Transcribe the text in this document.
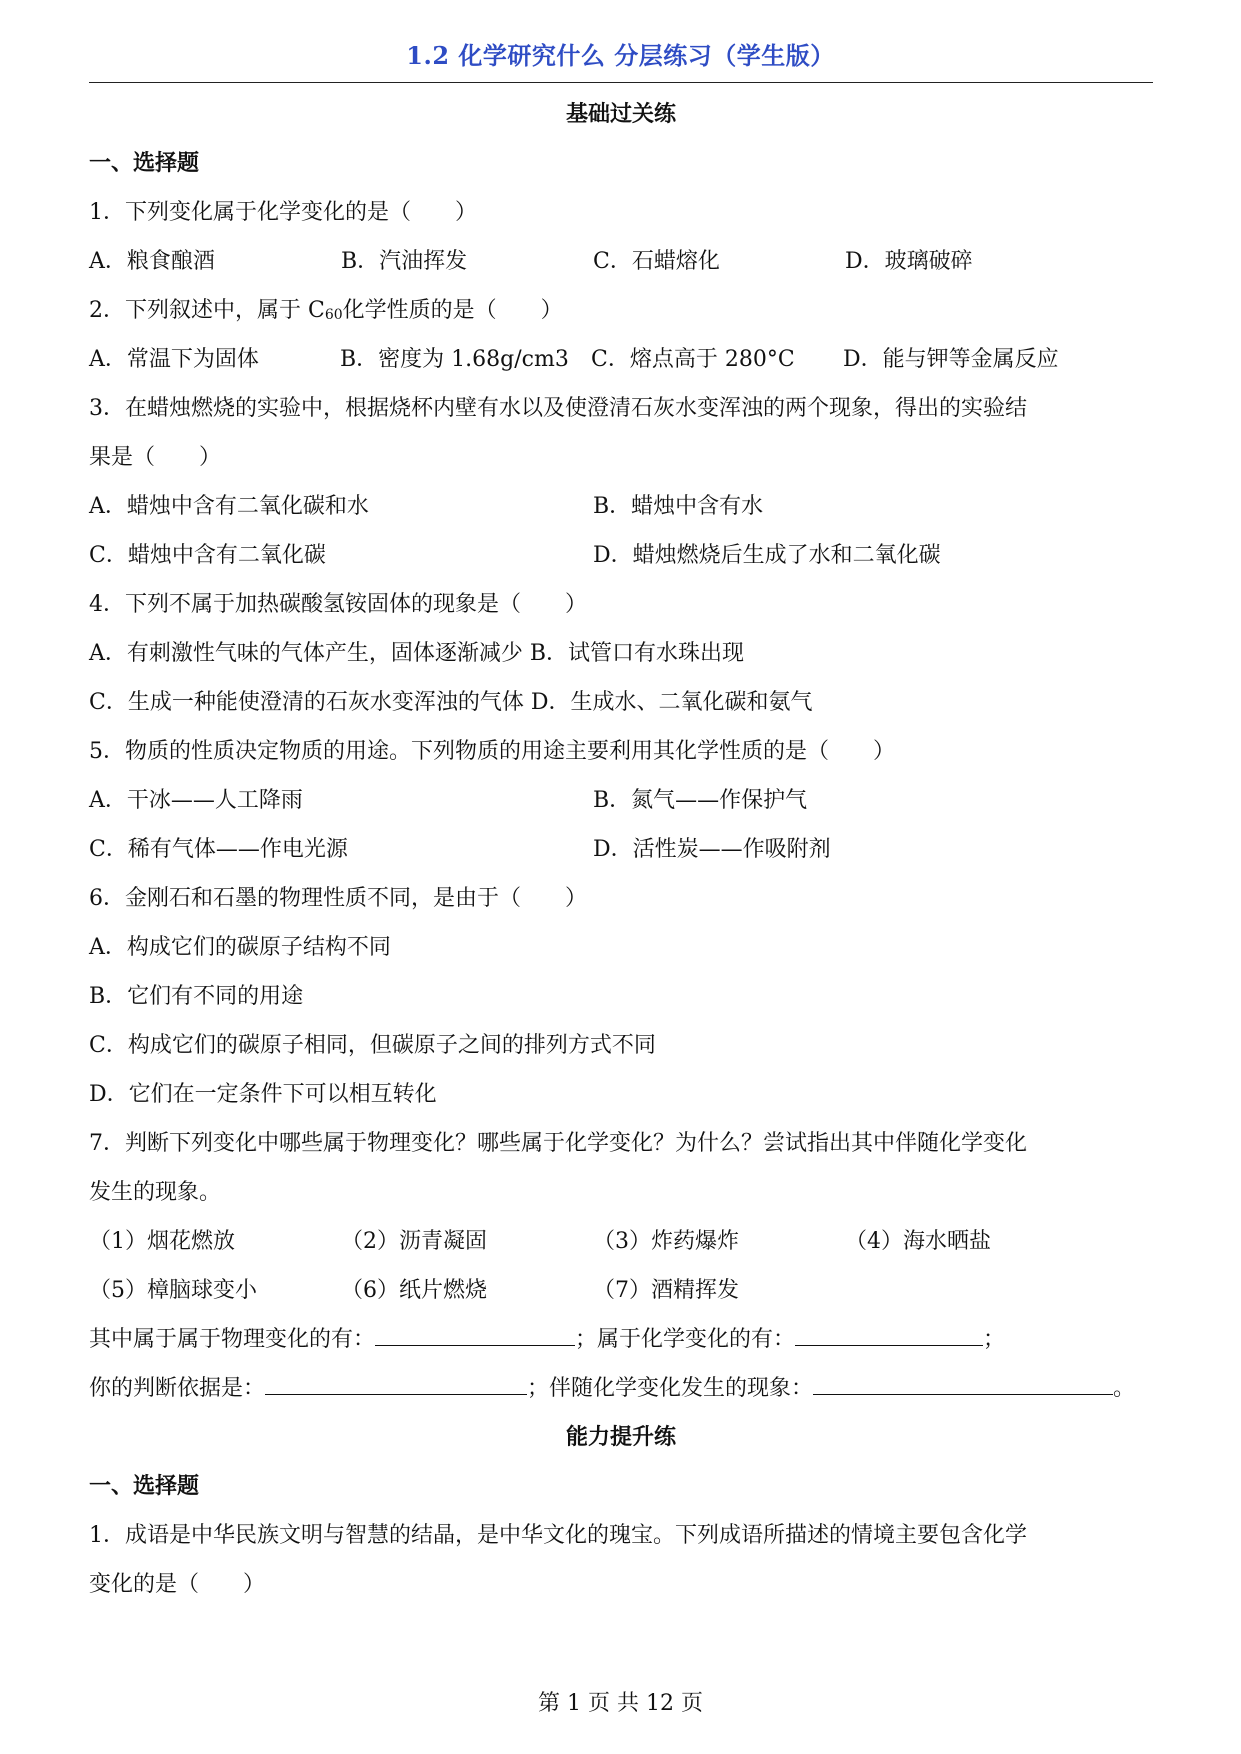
1.2 化学研究什么 分层练习（学生版）
基础过关练
一、选择题
1．下列变化属于化学变化的是（　　）
A．粮食酿酒	B．汽油挥发	C．石蜡熔化	D．玻璃破碎
2．下列叙述中，属于 $C_{60}$化学性质的是（　　）
A．常温下为固体	B．密度为 1.68g/cm3	C．熔点高于 280°C	D．能与钾等金属反应
3．在蜡烛燃烧的实验中，根据烧杯内壁有水以及使澄清石灰水变浑浊的两个现象，得出的实验结
果是（　　）
A．蜡烛中含有二氧化碳和水	B．蜡烛中含有水
C．蜡烛中含有二氧化碳	D．蜡烛燃烧后生成了水和二氧化碳
4．下列不属于加热碳酸氢铵固体的现象是（　　）
A．有刺激性气味的气体产生，固体逐渐减少 B．试管口有水珠出现
C．生成一种能使澄清的石灰水变浑浊的气体 D．生成水、二氧化碳和氨气
5．物质的性质决定物质的用途。下列物质的用途主要利用其化学性质的是（　　）
A．干冰——人工降雨	B．氮气——作保护气
C．稀有气体——作电光源	D．活性炭——作吸附剂
6．金刚石和石墨的物理性质不同，是由于（　　）
A．构成它们的碳原子结构不同
B．它们有不同的用途
C．构成它们的碳原子相同，但碳原子之间的排列方式不同
D．它们在一定条件下可以相互转化
7．判断下列变化中哪些属于物理变化？哪些属于化学变化？为什么？尝试指出其中伴随化学变化
发生的现象。
（1）烟花燃放	（2）沥青凝固	（3）炸药爆炸	（4）海水晒盐
（5）樟脑球变小	（6）纸片燃烧	（7）酒精挥发
其中属于属于物理变化的有：	；属于化学变化的有：	；
你的判断依据是：	；伴随化学变化发生的现象：	。
能力提升练
一、选择题
1．成语是中华民族文明与智慧的结晶，是中华文化的瑰宝。下列成语所描述的情境主要包含化学
变化的是（　　）
第 1 页 共 12 页
